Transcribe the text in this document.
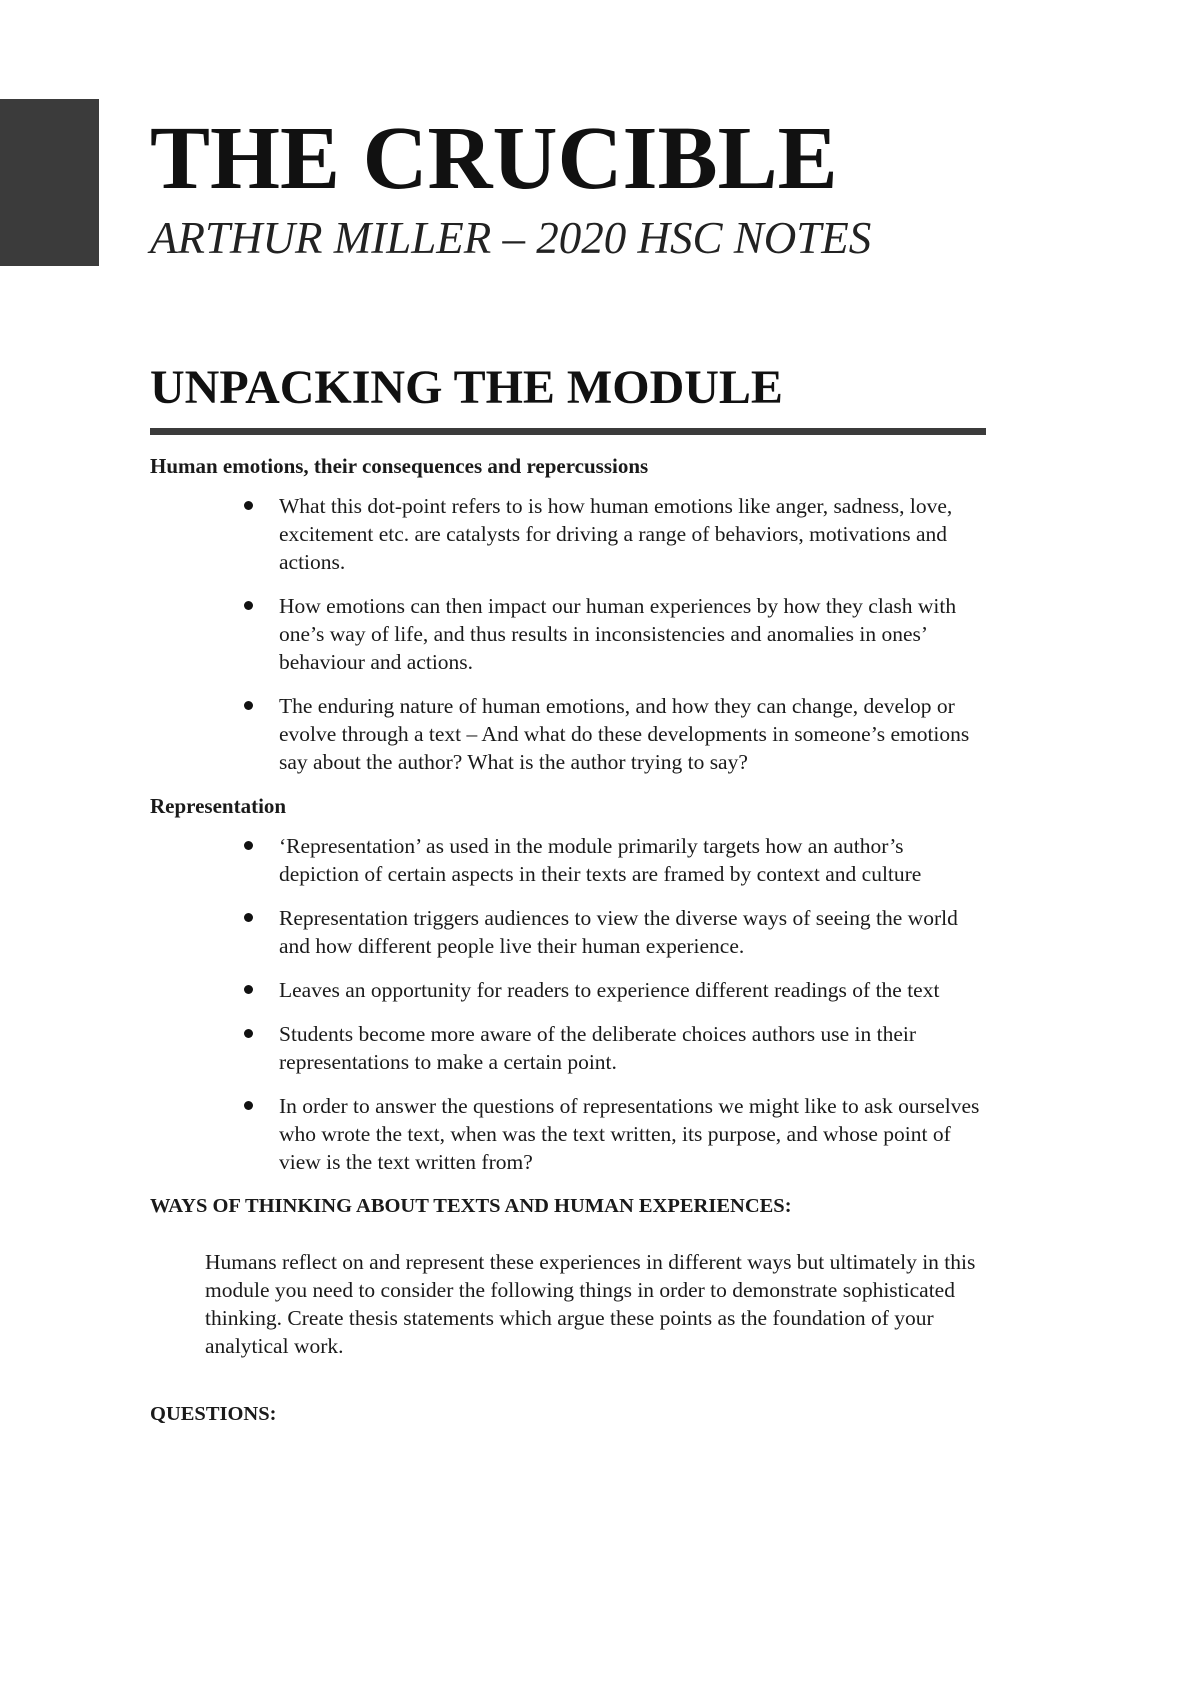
THE CRUCIBLE
ARTHUR MILLER – 2020 HSC NOTES
UNPACKING THE MODULE

Human emotions, their consequences and repercussions

What this dot-point refers to is how human emotions like anger, sadness, love, excitement etc. are catalysts for driving a range of behaviors, motivations and actions.
How emotions can then impact our human experiences by how they clash with one’s way of life, and thus results in inconsistencies and anomalies in ones’ behaviour and actions.
The enduring nature of human emotions, and how they can change, develop or evolve through a text – And what do these developments in someone’s emotions say about the author? What is the author trying to say?

Representation

‘Representation’ as used in the module primarily targets how an author’s depiction of certain aspects in their texts are framed by context and culture
Representation triggers audiences to view the diverse ways of seeing the world and how different people live their human experience.
Leaves an opportunity for readers to experience different readings of the text
Students become more aware of the deliberate choices authors use in their representations to make a certain point.
In order to answer the questions of representations we might like to ask ourselves who wrote the text, when was the text written, its purpose, and whose point of view is the text written from?

WAYS OF THINKING ABOUT TEXTS AND HUMAN EXPERIENCES:

Humans reflect on and represent these experiences in different ways but ultimately in this module you need to consider the following things in order to demonstrate sophisticated thinking. Create thesis statements which argue these points as the foundation of your analytical work.

QUESTIONS:
